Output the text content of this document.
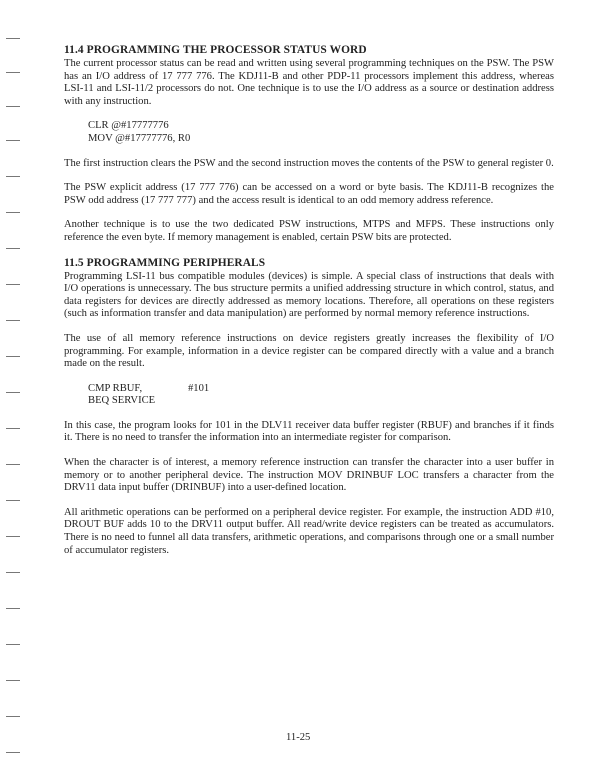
11.4 PROGRAMMING THE PROCESSOR STATUS WORD

The current processor status can be read and written using several programming techniques on the PSW. The PSW has an I/O address of 17 777 776. The KDJ11-B and other PDP-11 processors implement this address, whereas LSI-11 and LSI-11/2 processors do not. One technique is to use the I/O address as a source or destination address with any instruction.

CLR @#17777776
MOV @#17777776, R0

The first instruction clears the PSW and the second instruction moves the contents of the PSW to general register 0.

The PSW explicit address (17 777 776) can be accessed on a word or byte basis. The KDJ11-B recognizes the PSW odd address (17 777 777) and the access result is identical to an odd memory address reference.

Another technique is to use the two dedicated PSW instructions, MTPS and MFPS. These instructions only reference the even byte. If memory management is enabled, certain PSW bits are protected.

11.5 PROGRAMMING PERIPHERALS

Programming LSI-11 bus compatible modules (devices) is simple. A special class of instructions that deals with I/O operations is unnecessary. The bus structure permits a unified addressing structure in which control, status, and data registers for devices are directly addressed as memory locations. Therefore, all operations on these registers (such as information transfer and data manipulation) are performed by normal memory reference instructions.

The use of all memory reference instructions on device registers greatly increases the flexibility of I/O programming. For example, information in a device register can be compared directly with a value and a branch made on the result.

CMP RBUF,	#101
BEQ SERVICE

In this case, the program looks for 101 in the DLV11 receiver data buffer register (RBUF) and branches if it finds it. There is no need to transfer the information into an intermediate register for comparison.

When the character is of interest, a memory reference instruction can transfer the character into a user buffer in memory or to another peripheral device. The instruction MOV DRINBUF LOC transfers a character from the DRV11 data input buffer (DRINBUF) into a user-defined location.

All arithmetic operations can be performed on a peripheral device register. For example, the instruction ADD #10, DROUT BUF adds 10 to the DRV11 output buffer. All read/write device registers can be treated as accumulators. There is no need to funnel all data transfers, arithmetic operations, and comparisons through one or a small number of accumulator registers.

11-25
